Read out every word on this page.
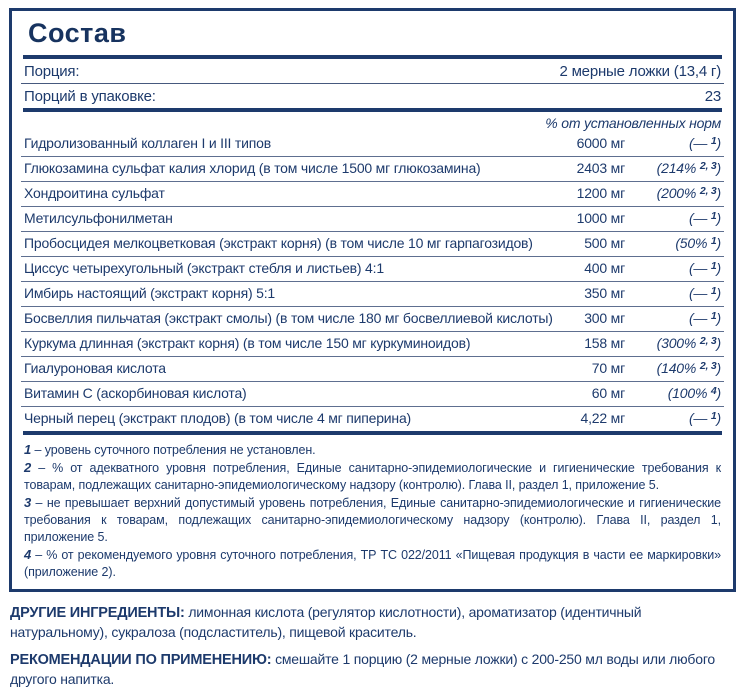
Состав
Порция:	2 мерные ложки (13,4 г)
Порций в упаковке:	23
% от установленных норм
Гидролизованный коллаген I и III типов	6000 мг	(— $^1$)
Глюкозамина сульфат калия хлорид (в том числе 1500 мг глюкозамина)	2403 мг	(214% $^{2, 3}$)
Хондроитина сульфат	1200 мг	(200% $^{2, 3}$)
Метилсульфонилметан	1000 мг	(— $^1$)
Пробосцидея мелкоцветковая (экстракт корня) (в том числе 10 мг гарпагозидов)	500 мг	(50% $^1$)
Циссус четырехугольный (экстракт стебля и листьев) 4:1	400 мг	(— $^1$)
Имбирь настоящий (экстракт корня) 5:1	350 мг	(— $^1$)
Босвеллия пильчатая (экстракт смолы) (в том числе 180 мг босвеллиевой кислоты)	300 мг	(— $^1$)
Куркума длинная (экстракт корня) (в том числе 150 мг куркуминоидов)	158 мг	(300% $^{2, 3}$)
Гиалуроновая кислота	70 мг	(140% $^{2, 3}$)
Витамин С (аскорбиновая кислота)	60 мг	(100% $^4$)
Черный перец (экстракт плодов) (в том числе 4 мг пиперина)	4,22 мг	(— $^1$)
1 – уровень суточного потребления не установлен.
2 – % от адекватного уровня потребления, Единые санитарно-эпидемиологические и гигиенические требования к товарам, подлежащих санитарно-эпидемиологическому надзору (контролю). Глава II, раздел 1, приложение 5.
3 – не превышает верхний допустимый уровень потребления, Единые санитарно-эпидемиологические и гигиенические требования к товарам, подлежащих санитарно-эпидемиологическому надзору (контролю). Глава II, раздел 1, приложение 5.
4 – % от рекомендуемого уровня суточного потребления, ТР ТС 022/2011 «Пищевая продукция в части ее маркировки» (приложение 2).

ДРУГИЕ ИНГРЕДИЕНТЫ: лимонная кислота (регулятор кислотности), ароматизатор (идентичный натуральному), сукралоза (подсластитель), пищевой краситель.

РЕКОМЕНДАЦИИ ПО ПРИМЕНЕНИЮ: смешайте 1 порцию (2 мерные ложки) с 200-250 мл воды или любого другого напитка.
